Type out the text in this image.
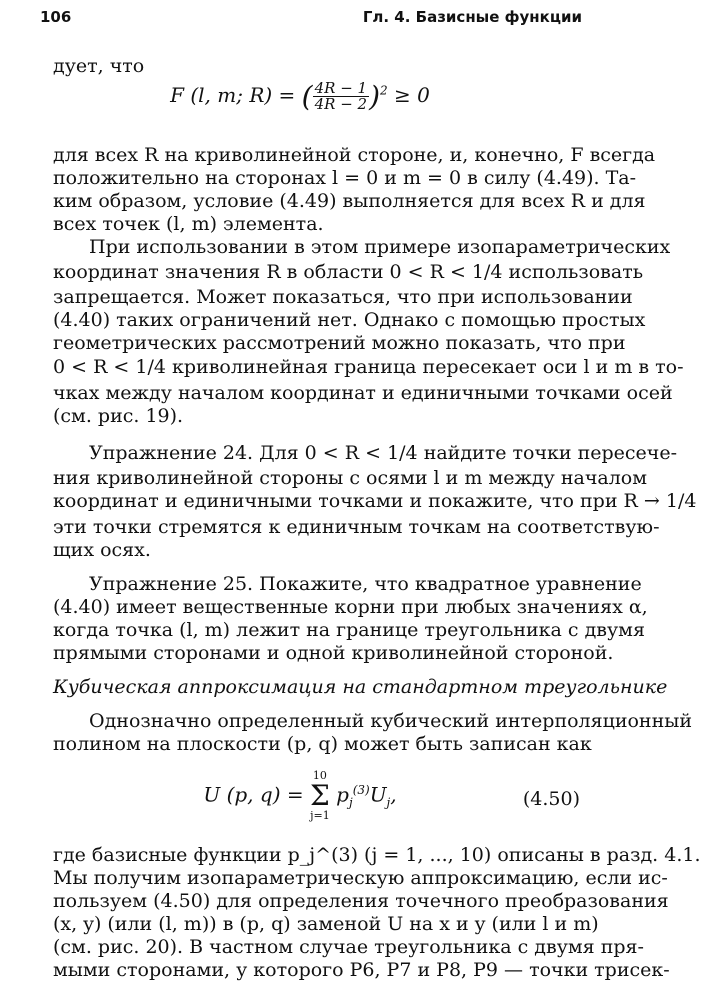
106	Гл. 4. Базисные функции
дует, что
F (l, m; R) = ( $\frac{4R - 1}{4R - 2} )^2 \ge 0$
для всех R на криволинейной стороне, и, конечно, F всегда
положительно на сторонах l = 0 и m = 0 в силу (4.49). Та-
ким образом, условие (4.49) выполняется для всех R и для
всех точек (l, m) элемента.
При использовании в этом примере изопараметрических
координат значения R в области 0 < R < 1/4 использовать
запрещается. Может показаться, что при использовании
(4.40) таких ограничений нет. Однако с помощью простых
геометрических рассмотрений можно показать, что при
0 < R < 1/4 криволинейная граница пересекает оси l и m в то-
чках между началом координат и единичными точками осей
(см. рис. 19).
Упражнение 24. Для 0 < R < 1/4 найдите точки пересече-
ния криволинейной стороны с осями l и m между началом
координат и единичными точками и покажите, что при R → 1/4
эти точки стремятся к единичным точкам на соответствую-
щих осях.
Упражнение 25. Покажите, что квадратное уравнение
(4.40) имеет вещественные корни при любых значениях α,
когда точка (l, m) лежит на границе треугольника с двумя
прямыми сторонами и одной криволинейной стороной.
Кубическая аппроксимация на стандартном треугольнике
Однозначно определенный кубический интерполяционный
полином на плоскости (p, q) может быть записан как
U (p, q) =
10
Σ
j=1
$p_j^{(3)}U_j$,	(4.50)
где базисные функции p_j^(3) (j = 1, ..., 10) описаны в разд. 4.1.
Мы получим изопараметрическую аппроксимацию, если ис-
пользуем (4.50) для определения точечного преобразования
(x, y) (или (l, m)) в (p, q) заменой U на x и y (или l и m)
(см. рис. 20). В частном случае треугольника с двумя пря-
мыми сторонами, у которого P6, P7 и P8, P9 — точки трисек-
